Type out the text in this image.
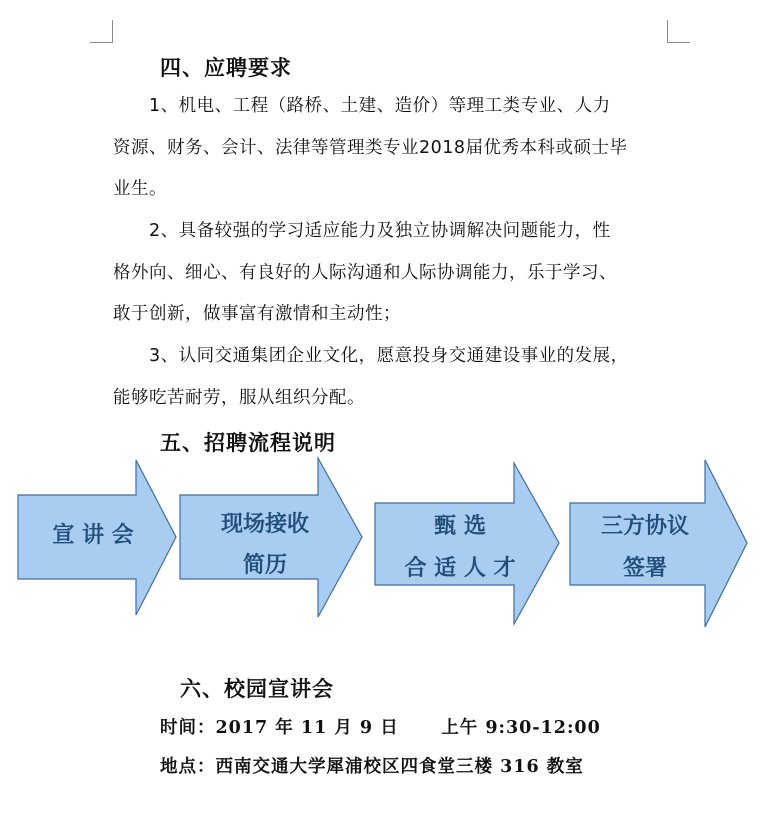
四、应聘要求
1、机电、工程（路桥、土建、造价）等理工类专业、人力
资源、财务、会计、法律等管理类专业2018届优秀本科或硕士毕
业生。
2、具备较强的学习适应能力及独立协调解决问题能力，性
格外向、细心、有良好的人际沟通和人际协调能力，乐于学习、
敢于创新，做事富有激情和主动性；
3、认同交通集团企业文化，愿意投身交通建设事业的发展，
能够吃苦耐劳，服从组织分配。
五、招聘流程说明
宣 讲 会	现场接收
简历
甄 选
合 适 人 才
三方协议
签署
六、校园宣讲会
时间：2017 年 11 月 9 日      上午 9:30-12:00
地点：西南交通大学犀浦校区四食堂三楼 316 教室
